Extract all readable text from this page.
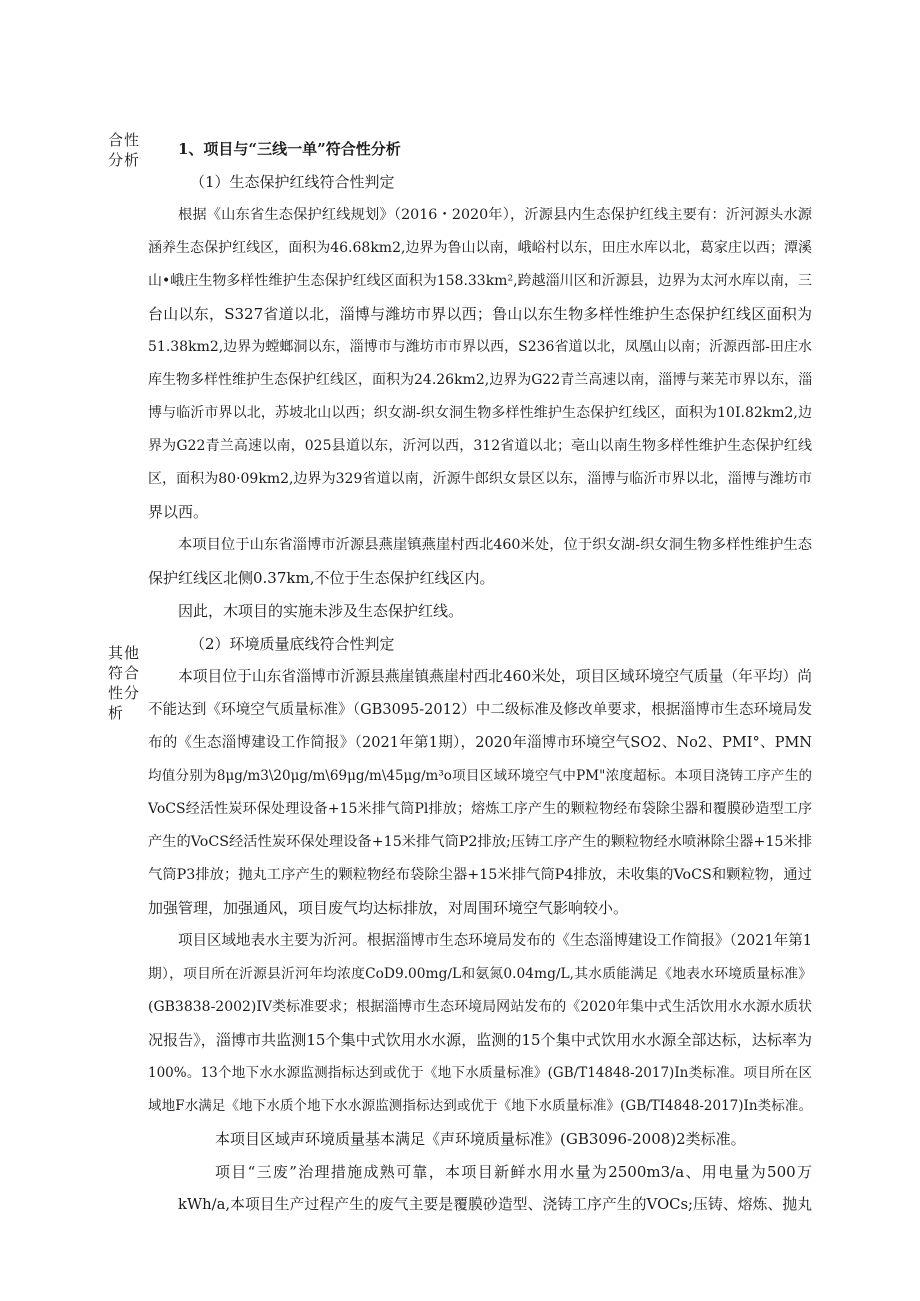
合性
分析
其他
符合
性分
析
1、项目与“三线一单”符合性分析
（1）生态保护红线符合性判定
根据《山东省生态保护红线规划》（2016・2020年），沂源县内生态保护红线主要有：沂河源头水源
涵养生态保护红线区，面积为46.68km2,边界为鲁山以南，峨峪村以东，田庄水库以北，葛家庄以西；潭溪
山•峨庄生物多样性维护生态保护红线区面积为158.33km²,跨越淄川区和沂源县，边界为太河水库以南，三
台山以东，S327省道以北，淄博与潍坊市界以西；鲁山以东生物多样性维护生态保护红线区面积为
51.38km2,边界为螳螂洞以东，淄博市与潍坊市市界以西，S236省道以北，凤凰山以南；沂源西部-田庄水
库生物多样性维护生态保护红线区，面积为24.26km2,边界为G22青兰高速以南，淄博与莱芜市界以东，淄
博与临沂市界以北，苏坡北山以西；织女湖-织女洞生物多样性维护生态保护红线区，面积为10I.82km2,边
界为G22青兰高速以南，025县道以东，沂河以西，312省道以北；亳山以南生物多样性维护生态保护红线
区，面积为80·09km2,边界为329省道以南，沂源牛郎织女景区以东，淄博与临沂市界以北，淄博与潍坊市
界以西。
本项目位于山东省淄博市沂源县燕崖镇燕崖村西北460米处，位于织女湖-织女洞生物多样性维护生态
保护红线区北侧0.37km,不位于生态保护红线区内。
因此，木项目的实施未涉及生态保护红线。
（2）环境质量底线符合性判定
本项目位于山东省淄博市沂源县燕崖镇燕崖村西北460米处，项目区域环境空气质量（年平均）尚
不能达到《环境空气质量标准》（GB3095-2012）中二级标准及修改单要求，根据淄博市生态环境局发
布的《生态淄博建设工作简报》（2021年第1期），2020年淄博市环境空气SO2、No2、PMI°、PMN
均值分别为8μg∕m3\20μg∕m\69μg∕m\45μg∕m³o项目区域环境空气中PM"浓度超标。本项目浇铸工序产生的
VoCS经活性炭环保处理设备+15米排气筒Pl排放；熔炼工序产生的颗粒物经布袋除尘器和覆膜砂造型工序
产生的VoCS经活性炭环保处理设备+15米排气筒P2排放;压铸工序产生的颗粒物经水喷淋除尘器+15米排
气筒P3排放；抛丸工序产生的颗粒物经布袋除尘器+15米排气筒P4排放，未收集的VoCS和颗粒物，通过
加强管理，加强通风，项目废气均达标排放，对周围环境空气影响较小。
项目区域地表水主要为沂河。根据淄博市生态环境局发布的《生态淄博建设工作简报》（2021年第1
期），项目所在沂源县沂河年均浓度CoD9.00mg∕L和氨氮0.04mg∕L,其水质能满足《地表水环境质量标准》
(GB3838-2002)IV类标准要求；根据淄博市生态环境局网站发布的《2020年集中式生活饮用水水源水质状
况报告》，淄博市共监测15个集中式饮用水水源，监测的15个集中式饮用水水源全部达标，达标率为
100%。13个地下水水源监测指标达到或优于《地下水质量标准》(GB∕T14848-2017)In类标准。项目所在区
域地F水满足《地下水质个地下水水源监测指标达到或优于《地下水质量标准》(GB/TI4848-2017)In类标准。
本项目区域声环境质量基本满足《声环境质量标准》(GB3096-2008)2类标准。
项目“三废”治理措施成熟可靠，本项目新鲜水用水量为2500m3/a、用电量为500万
kWh∕a,本项目生产过程产生的废气主要是覆膜砂造型、浇铸工序产生的VOCs;压铸、熔炼、抛丸
